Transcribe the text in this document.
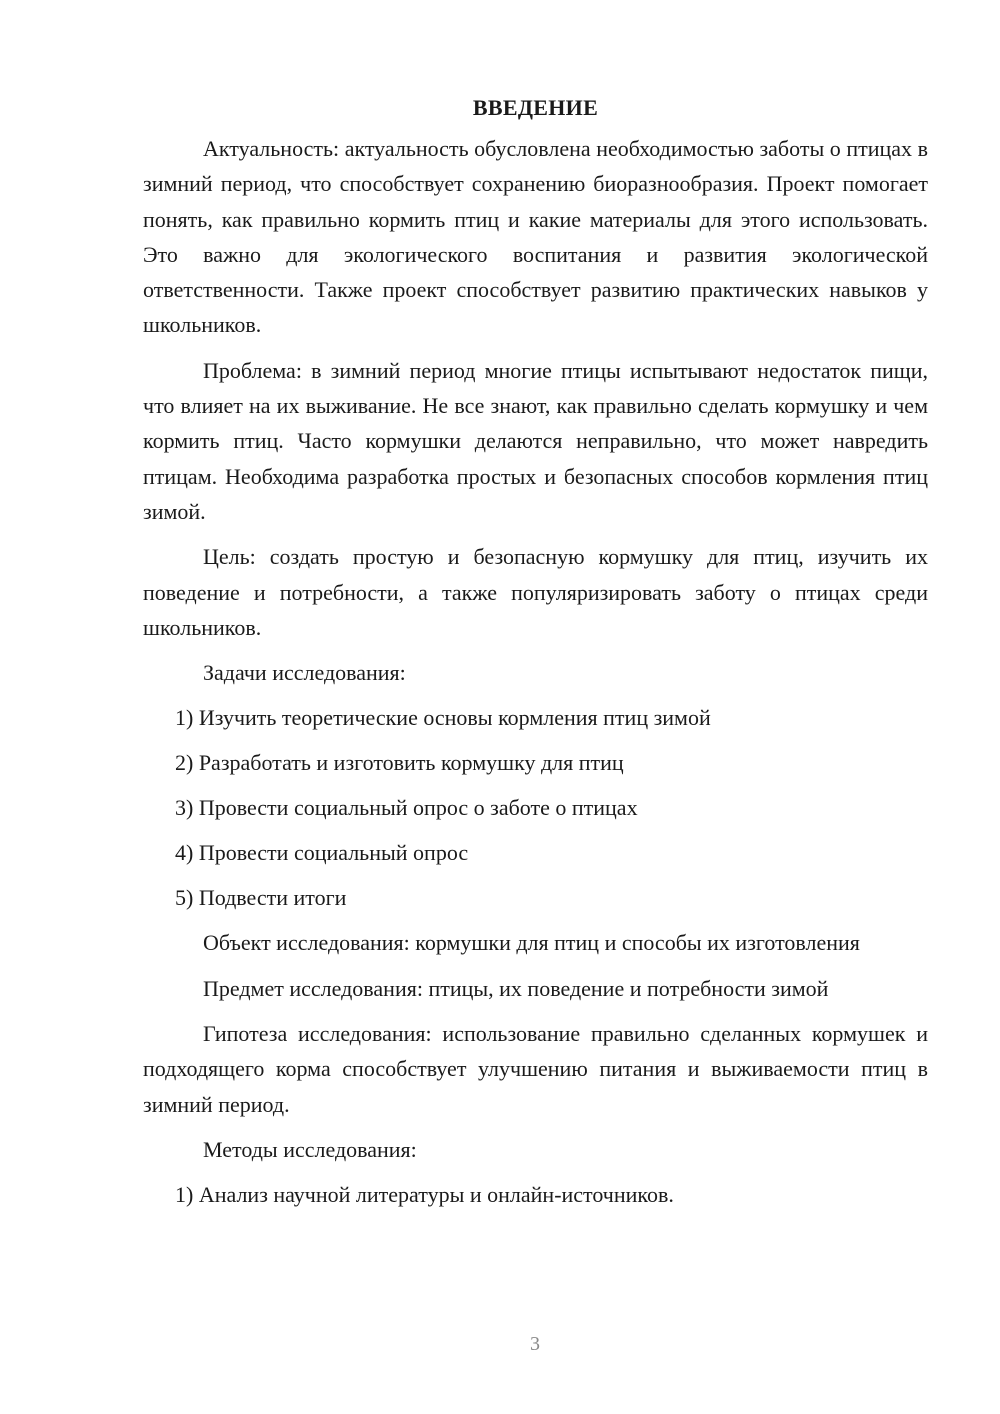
ВВЕДЕНИЕ

Актуальность: актуальность обусловлена необходимостью заботы о птицах в зимний период, что способствует сохранению биоразнообразия. Проект помогает понять, как правильно кормить птиц и какие материалы для этого использовать. Это важно для экологического воспитания и развития экологической ответственности. Также проект способствует развитию практических навыков у школьников.

Проблема: в зимний период многие птицы испытывают недостаток пищи, что влияет на их выживание. Не все знают, как правильно сделать кормушку и чем кормить птиц. Часто кормушки делаются неправильно, что может навредить птицам. Необходима разработка простых и безопасных способов кормления птиц зимой.

Цель: создать простую и безопасную кормушку для птиц, изучить их поведение и потребности, а также популяризировать заботу о птицах среди школьников.

Задачи исследования:

1) Изучить теоретические основы кормления птиц зимой
2) Разработать и изготовить кормушку для птиц
3) Провести социальный опрос о заботе о птицах
4) Провести социальный опрос
5) Подвести итоги

Объект исследования: кормушки для птиц и способы их изготовления

Предмет исследования: птицы, их поведение и потребности зимой

Гипотеза исследования: использование правильно сделанных кормушек и подходящего корма способствует улучшению питания и выживаемости птиц в зимний период.

Методы исследования:

1) Анализ научной литературы и онлайн-источников.
3
